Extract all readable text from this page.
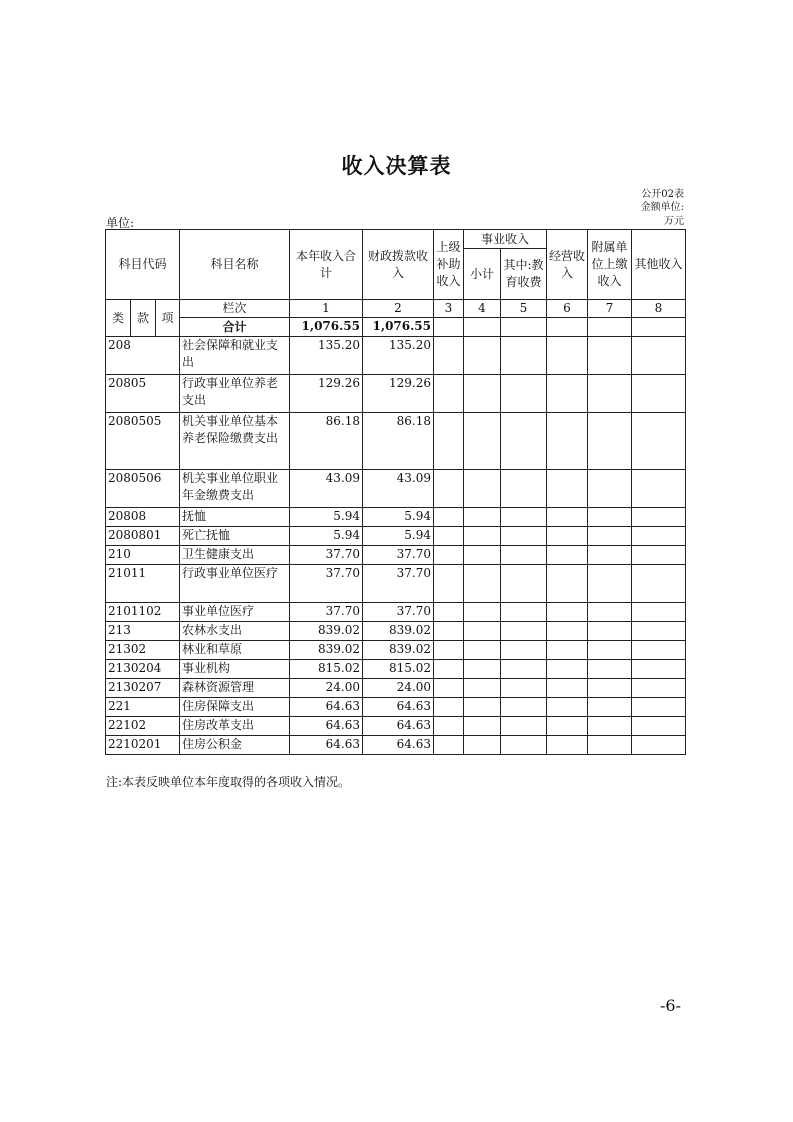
收入决算表
公开02表
金额单位:
万元
单位:
科目代码			科目名称	本年收入合计	财政拨款收入	上级补助收入	事业收入		经营收入	附属单位上缴收入	其他收入
							小计	其中:教育收费			
类	款	项	栏次	1	2	3	4	5	6	7	8
			合计	1,076.55	1,076.55						
208			社会保障和就业支出	135.20	135.20						
20805			行政事业单位养老支出	129.26	129.26						
2080505			机关事业单位基本养老保险缴费支出	86.18	86.18						
2080506			机关事业单位职业年金缴费支出	43.09	43.09						
20808			抚恤	5.94	5.94						
2080801			死亡抚恤	5.94	5.94						
210			卫生健康支出	37.70	37.70						
21011			行政事业单位医疗	37.70	37.70						
2101102			事业单位医疗	37.70	37.70						
213			农林水支出	839.02	839.02						
21302			林业和草原	839.02	839.02						
2130204			事业机构	815.02	815.02						
2130207			森林资源管理	24.00	24.00						
221			住房保障支出	64.63	64.63						
22102			住房改革支出	64.63	64.63						
2210201			住房公积金	64.63	64.63						
注:本表反映单位本年度取得的各项收入情况。
-6-
